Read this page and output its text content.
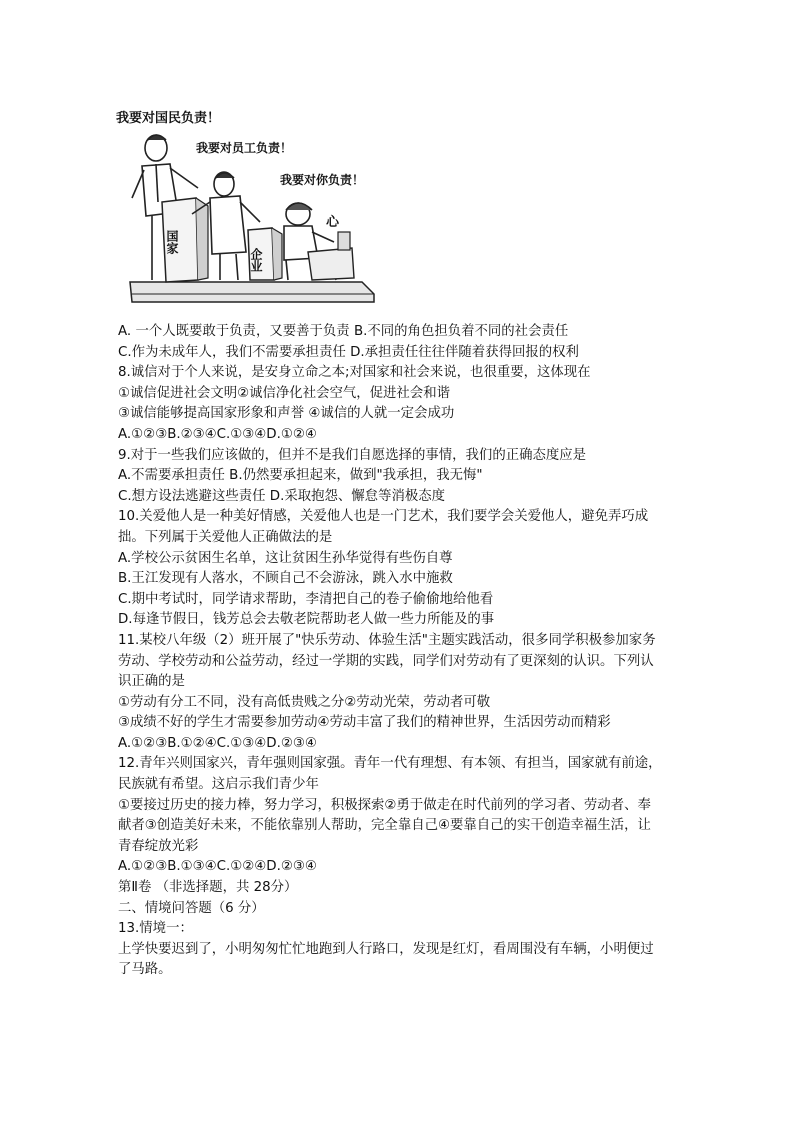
我要对国民负责！
我要对员工负责！
我要对你负责！
国家
企业
心
A. 一个人既要敢于负责，又要善于负责 B.不同的角色担负着不同的社会责任
C.作为未成年人，我们不需要承担责任 D.承担责任往往伴随着获得回报的权利
8.诚信对于个人来说，是安身立命之本;对国家和社会来说，也很重要，这体现在
①诚信促进社会文明②诚信净化社会空气，促进社会和谐
③诚信能够提高国家形象和声誉 ④诚信的人就一定会成功
A.①②③B.②③④C.①③④D.①②④
9.对于一些我们应该做的，但并不是我们自愿选择的事情，我们的正确态度应是
A.不需要承担责任 B.仍然要承担起来，做到"我承担，我无悔"
C.想方设法逃避这些责任 D.采取抱怨、懈怠等消极态度
10.关爱他人是一种美好情感，关爱他人也是一门艺术，我们要学会关爱他人，避免弄巧成
拙。下列属于关爱他人正确做法的是
A.学校公示贫困生名单，这让贫困生孙华觉得有些伤自尊
B.王江发现有人落水，不顾自己不会游泳，跳入水中施救
C.期中考试时，同学请求帮助，李清把自己的卷子偷偷地给他看
D.每逢节假日，钱芳总会去敬老院帮助老人做一些力所能及的事
11.某校八年级（2）班开展了"快乐劳动、体验生活"主题实践活动，很多同学积极参加家务
劳动、学校劳动和公益劳动，经过一学期的实践，同学们对劳动有了更深刻的认识。下列认
识正确的是
①劳动有分工不同，没有高低贵贱之分②劳动光荣，劳动者可敬
③成绩不好的学生才需要参加劳动④劳动丰富了我们的精神世界，生活因劳动而精彩
A.①②③B.①②④C.①③④D.②③④
12.青年兴则国家兴，青年强则国家强。青年一代有理想、有本领、有担当，国家就有前途，
民族就有希望。这启示我们青少年
①要接过历史的接力棒，努力学习，积极探索②勇于做走在时代前列的学习者、劳动者、奉
献者③创造美好未来，不能依靠别人帮助，完全靠自己④要靠自己的实干创造幸福生活，让
青春绽放光彩
A.①②③B.①③④C.①②④D.②③④
第Ⅱ卷 （非选择题，共 28分）
二、情境问答题（6 分）
13.情境一：
上学快要迟到了，小明匆匆忙忙地跑到人行路口，发现是红灯，看周围没有车辆，小明便过
了马路。
